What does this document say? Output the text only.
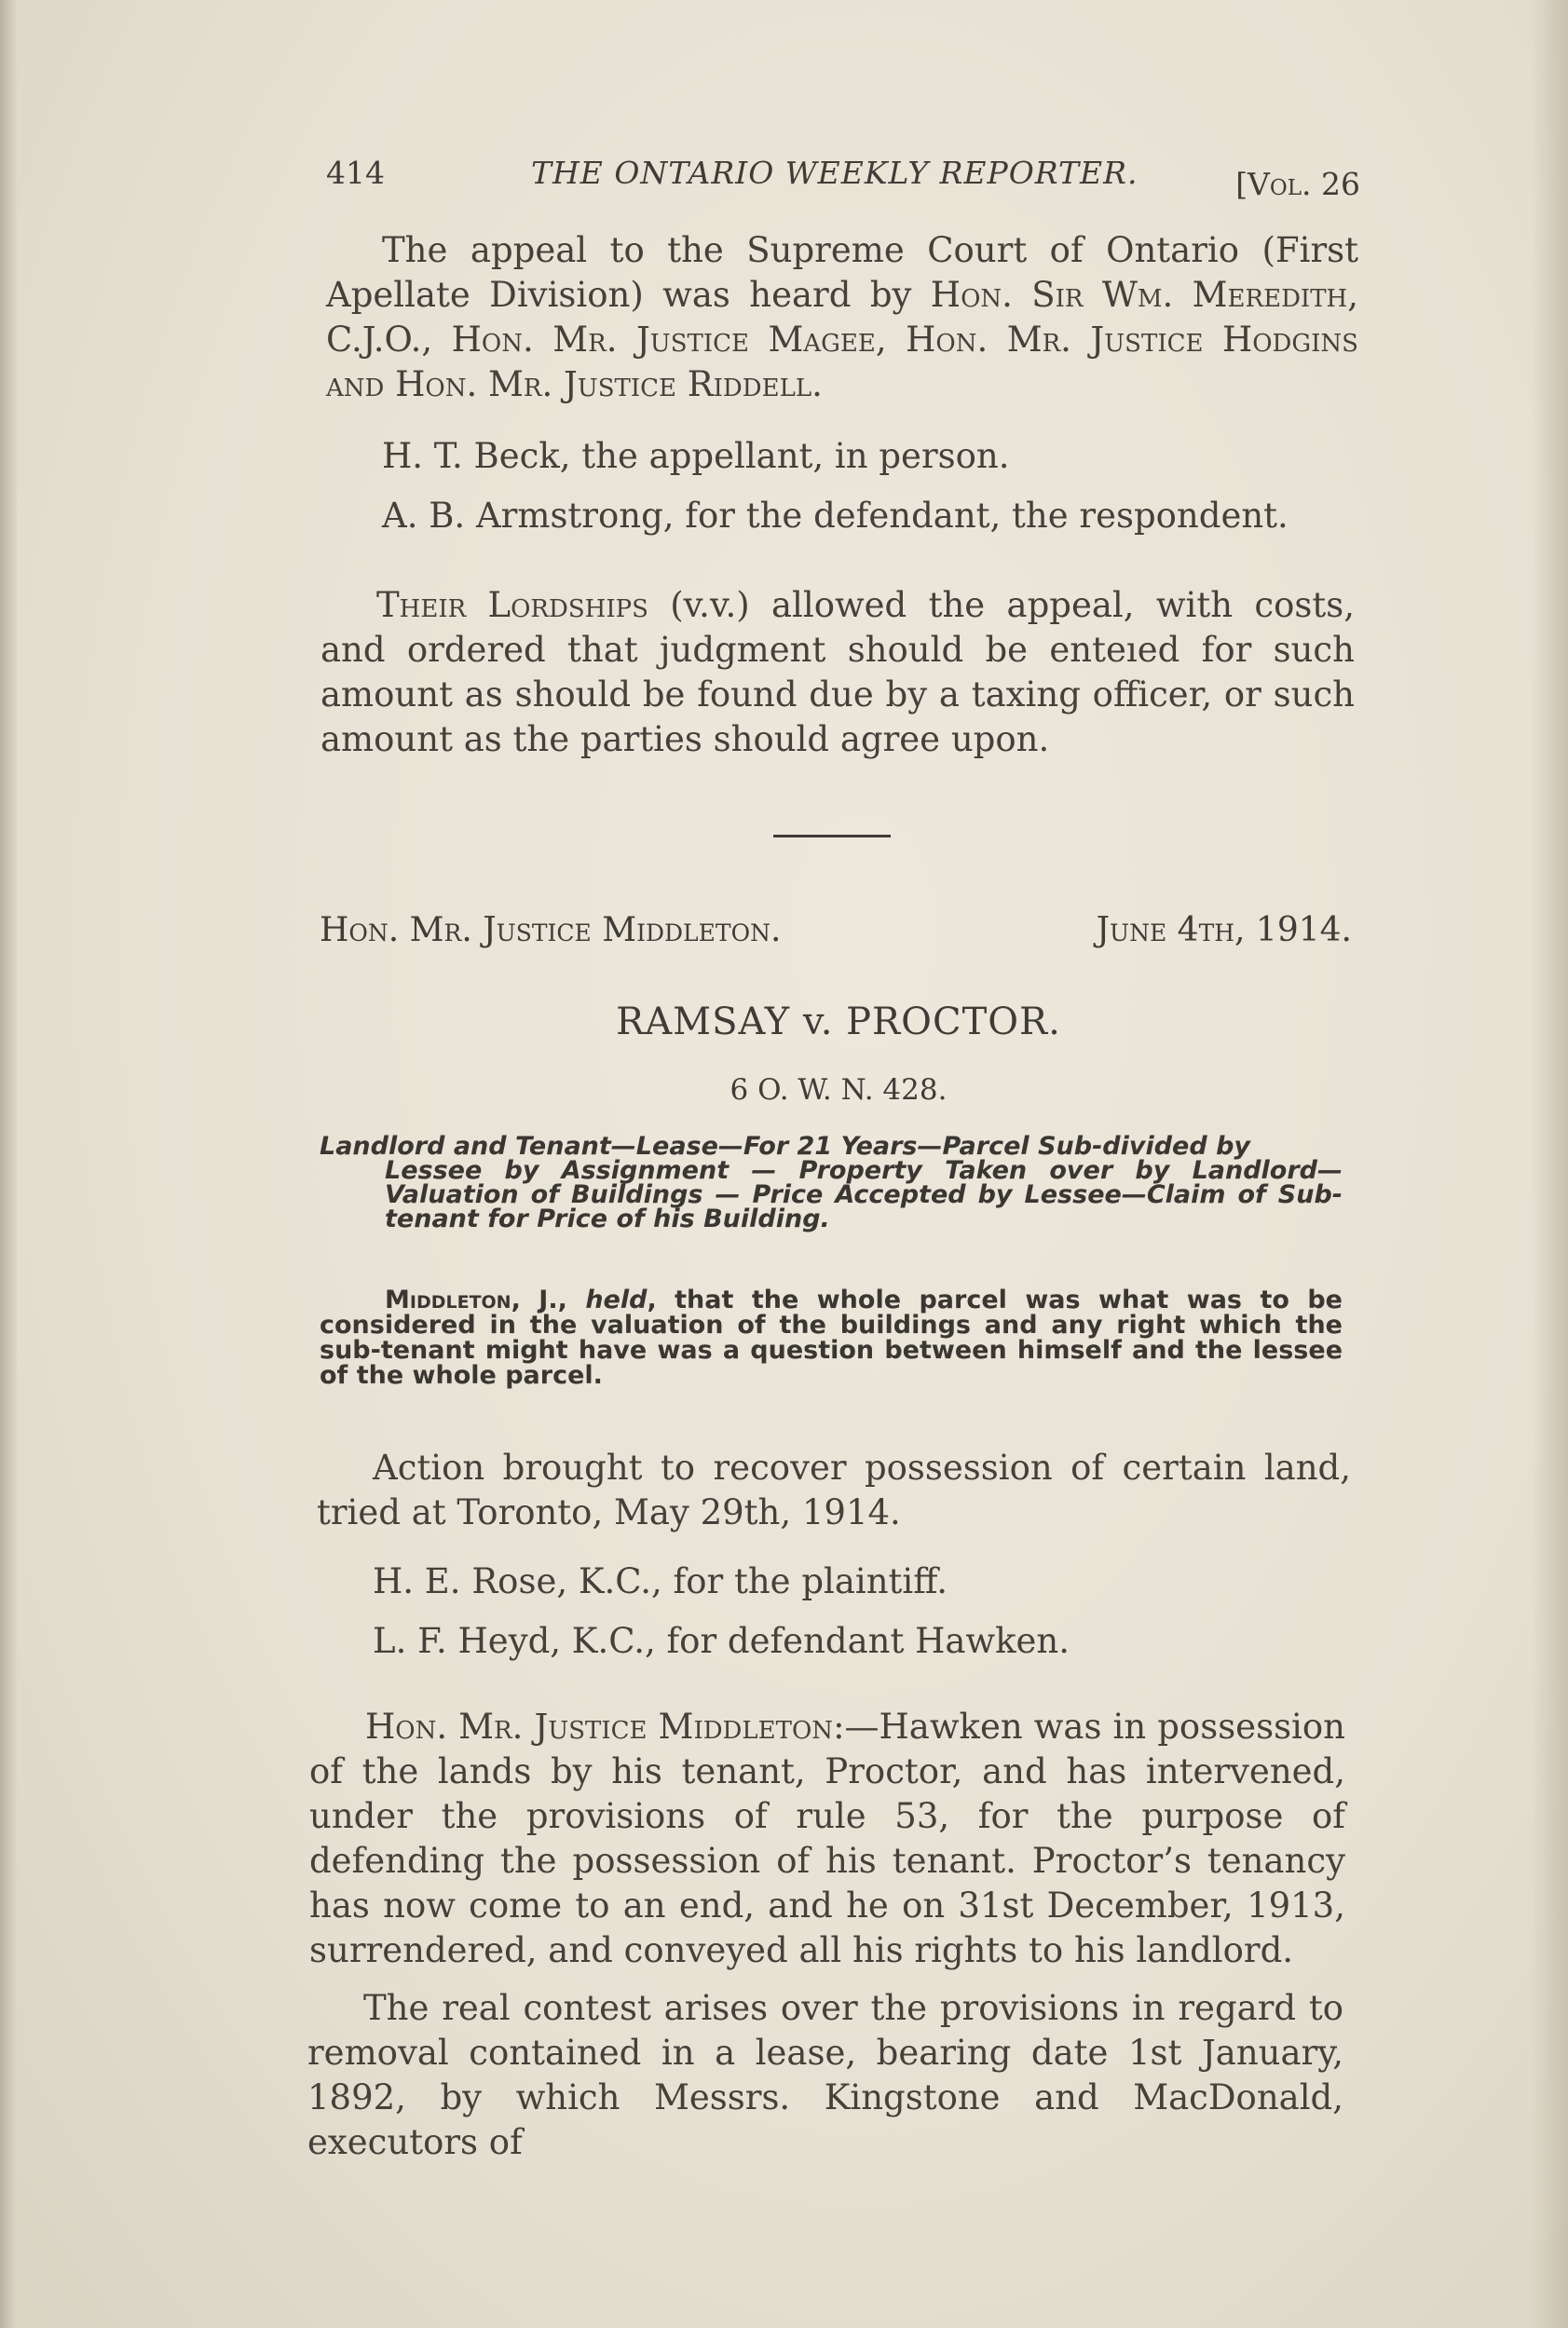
414	THE ONTARIO WEEKLY REPORTER.	[Vol. 26

The appeal to the Supreme Court of Ontario (First Apellate Division) was heard by Hon. Sir Wm. Meredith, C.J.O., Hon. Mr. Justice Magee, Hon. Mr. Justice Hodgins and Hon. Mr. Justice Riddell.

H. T. Beck, the appellant, in person.

A. B. Armstrong, for the defendant, the respondent.

Their Lordships (v.v.) allowed the appeal, with costs, and ordered that judgment should be enteıed for such amount as should be found due by a taxing officer, or such amount as the parties should agree upon.

Hon. Mr. Justice Middleton.	June 4th, 1914.
RAMSAY v. PROCTOR.
6 O. W. N. 428.
Landlord and Tenant—Lease—For 21 Years—Parcel Sub-divided by
Lessee by Assignment — Property Taken over by Landlord—Valuation of Buildings — Price Accepted by Lessee—Claim of Sub-tenant for Price of his Building.
Middleton, J., held, that the whole parcel was what was to be considered in the valuation of the buildings and any right which the sub-tenant might have was a question between himself and the lessee of the whole parcel.

Action brought to recover possession of certain land, tried at Toronto, May 29th, 1914.

H. E. Rose, K.C., for the plaintiff.

L. F. Heyd, K.C., for defendant Hawken.

Hon. Mr. Justice Middleton:—Hawken was in possession of the lands by his tenant, Proctor, and has intervened, under the provisions of rule 53, for the purpose of defending the possession of his tenant. Proctor’s tenancy has now come to an end, and he on 31st December, 1913, surrendered, and conveyed all his rights to his landlord.

The real contest arises over the provisions in regard to removal contained in a lease, bearing date 1st January, 1892, by which Messrs. Kingstone and MacDonald, executors of
